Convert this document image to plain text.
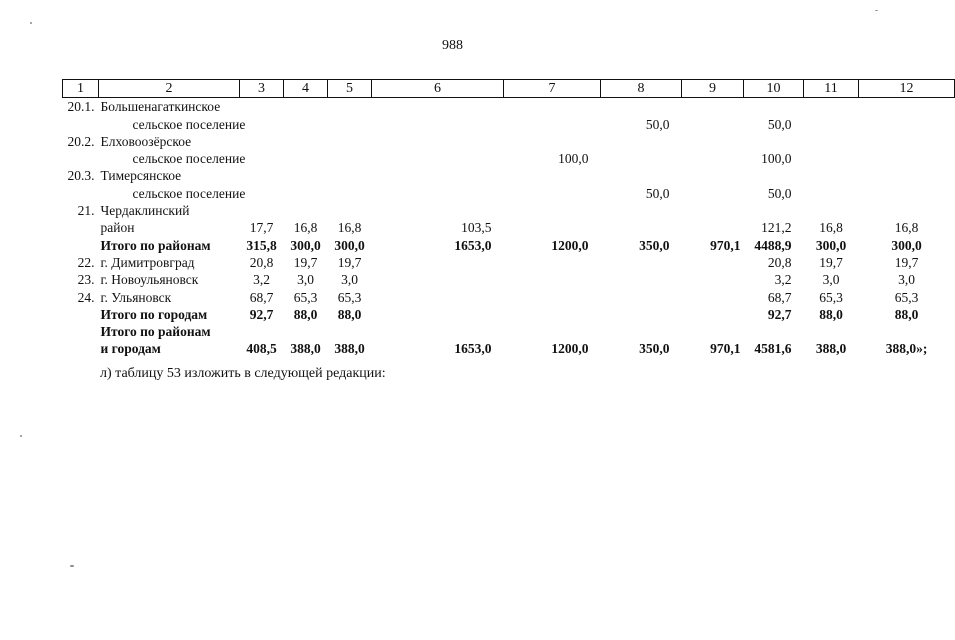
988
1	2	3	4	5	6	7	8	9	10	11	12
20.1.	Большенагаткинское										
	сельское поселение						50,0		50,0		
20.2.	Елховоозёрское										
	сельское поселение					100,0			100,0		
20.3.	Тимерсянское										
	сельское поселение						50,0		50,0		
21.	Чердаклинский										
	район	17,7	16,8	16,8	103,5				121,2	16,8	16,8
	Итого по районам	315,8	300,0	300,0	1653,0	1200,0	350,0	970,1	4488,9	300,0	300,0
22.	г. Димитровград	20,8	19,7	19,7					20,8	19,7	19,7
23.	г. Новоульяновск	3,2	3,0	3,0					3,2	3,0	3,0
24.	г. Ульяновск	68,7	65,3	65,3					68,7	65,3	65,3
	Итого по городам	92,7	88,0	88,0					92,7	88,0	88,0
	Итого по районам										
	и городам	408,5	388,0	388,0	1653,0	1200,0	350,0	970,1	4581,6	388,0	388,0»;
л) таблицу 53 изложить в следующей редакции:
